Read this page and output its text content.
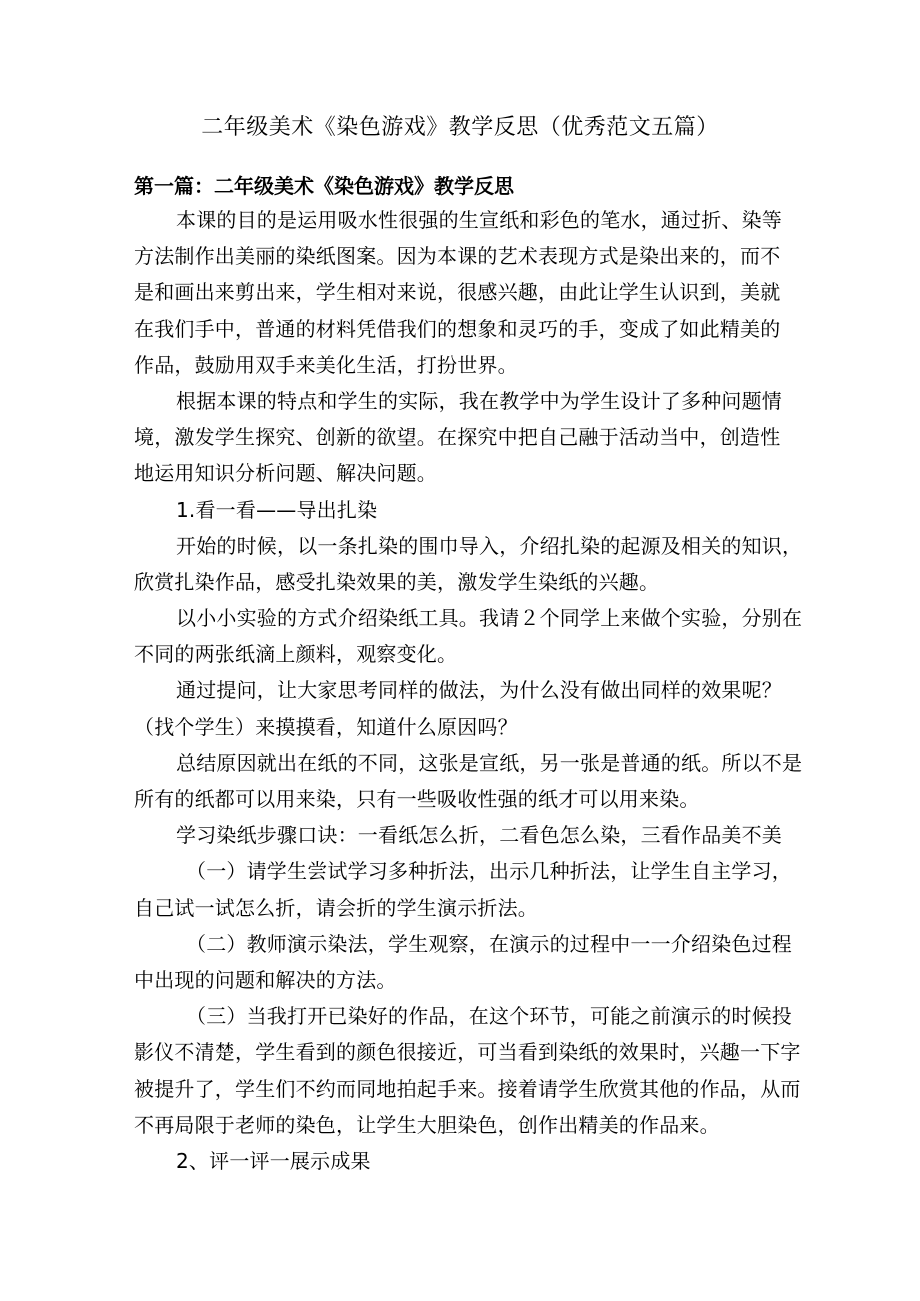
二年级美术《染色游戏》教学反思（优秀范文五篇）
第一篇：二年级美术《染色游戏》教学反思
本课的目的是运用吸水性很强的生宣纸和彩色的笔水，通过折、染等
方法制作出美丽的染纸图案。因为本课的艺术表现方式是染出来的，而不
是和画出来剪出来，学生相对来说，很感兴趣，由此让学生认识到，美就
在我们手中，普通的材料凭借我们的想象和灵巧的手，变成了如此精美的
作品，鼓励用双手来美化生活，打扮世界。
根据本课的特点和学生的实际，我在教学中为学生设计了多种问题情
境，激发学生探究、创新的欲望。在探究中把自己融于活动当中，创造性
地运用知识分析问题、解决问题。
1.看一看——导出扎染
开始的时候，以一条扎染的围巾导入，介绍扎染的起源及相关的知识，
欣赏扎染作品，感受扎染效果的美，激发学生染纸的兴趣。
以小小实验的方式介绍染纸工具。我请２个同学上来做个实验，分别在
不同的两张纸滴上颜料，观察变化。
通过提问，让大家思考同样的做法，为什么没有做出同样的效果呢？
（找个学生）来摸摸看，知道什么原因吗？
总结原因就出在纸的不同，这张是宣纸，另一张是普通的纸。所以不是
所有的纸都可以用来染，只有一些吸收性强的纸才可以用来染。
学习染纸步骤口诀：一看纸怎么折，二看色怎么染，三看作品美不美
（一）请学生尝试学习多种折法，出示几种折法，让学生自主学习，
自己试一试怎么折，请会折的学生演示折法。
（二）教师演示染法，学生观察，在演示的过程中一一介绍染色过程
中出现的问题和解决的方法。
（三）当我打开已染好的作品，在这个环节，可能之前演示的时候投
影仪不清楚，学生看到的颜色很接近，可当看到染纸的效果时，兴趣一下字
被提升了，学生们不约而同地拍起手来。接着请学生欣赏其他的作品，从而
不再局限于老师的染色，让学生大胆染色，创作出精美的作品来。
2、评一评一展示成果
